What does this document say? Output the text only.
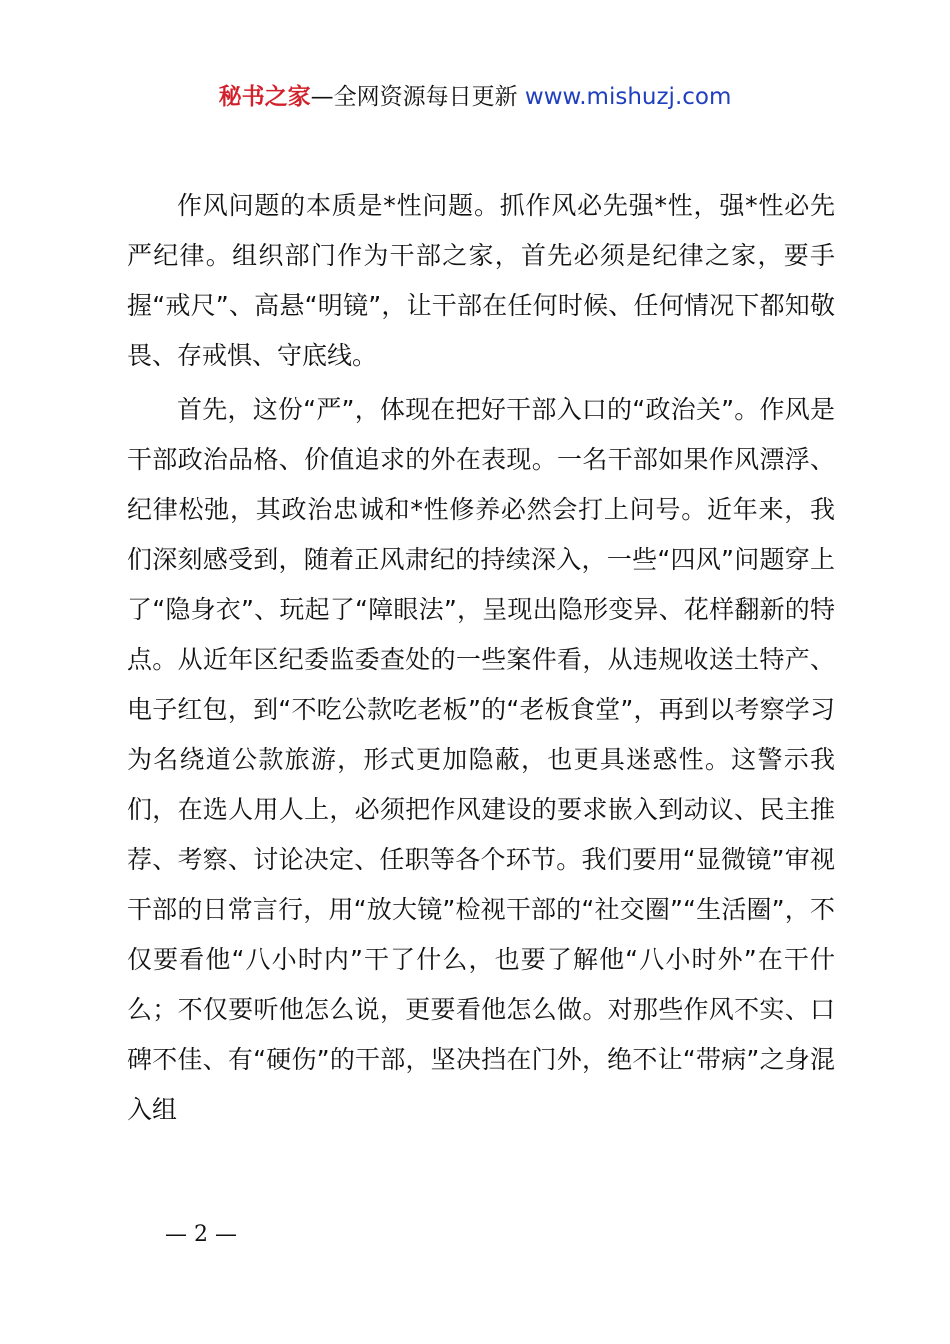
秘书之家—全网资源每日更新 www.mishuzj.com

作风问题的本质是*性问题。抓作风必先强*性，强*性必先严纪律。组织部门作为干部之家，首先必须是纪律之家，要手握“戒尺”、高悬“明镜”，让干部在任何时候、任何情况下都知敬畏、存戒惧、守底线。

首先，这份“严”，体现在把好干部入口的“政治关”。作风是干部政治品格、价值追求的外在表现。一名干部如果作风漂浮、纪律松弛，其政治忠诚和*性修养必然会打上问号。近年来，我们深刻感受到，随着正风肃纪的持续深入，一些“四风”问题穿上了“隐身衣”、玩起了“障眼法”，呈现出隐形变异、花样翻新的特点。从近年区纪委监委查处的一些案件看，从违规收送土特产、电子红包，到“不吃公款吃老板”的“老板食堂”，再到以考察学习为名绕道公款旅游，形式更加隐蔽，也更具迷惑性。这警示我们，在选人用人上，必须把作风建设的要求嵌入到动议、民主推荐、考察、讨论决定、任职等各个环节。我们要用“显微镜”审视干部的日常言行，用“放大镜”检视干部的“社交圈”“生活圈”，不仅要看他“八小时内”干了什么，也要了解他“八小时外”在干什么；不仅要听他怎么说，更要看他怎么做。对那些作风不实、口碑不佳、有“硬伤”的干部，坚决挡在门外，绝不让“带病”之身混入组

— 2 —
